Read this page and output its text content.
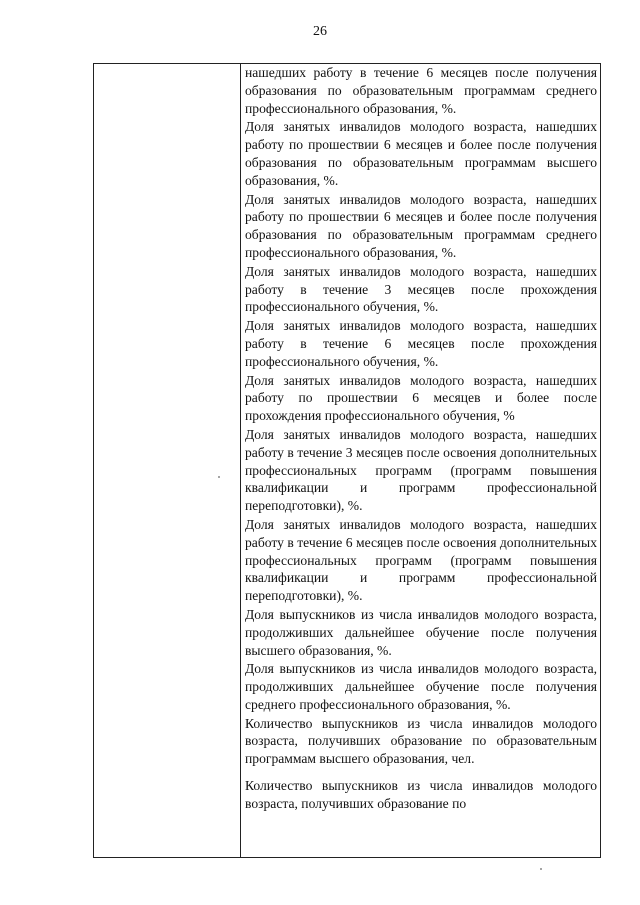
26

нашедших работу в течение 6 месяцев после получения образования по образовательным программам среднего профессионального образования, %.

Доля занятых инвалидов молодого возраста, нашедших работу по прошествии 6 месяцев и более после получения образования по образовательным программам высшего образования, %.

Доля занятых инвалидов молодого возраста, нашедших работу по прошествии 6 месяцев и более после получения образования по образовательным программам среднего профессионального образования, %.

Доля занятых инвалидов молодого возраста, нашедших работу в течение 3 месяцев после прохождения профессионального обучения, %.

Доля занятых инвалидов молодого возраста, нашедших работу в течение 6 месяцев после прохождения профессионального обучения, %.

Доля занятых инвалидов молодого возраста, нашедших работу по прошествии 6 месяцев и более после прохождения профессионального обучения, %

Доля занятых инвалидов молодого возраста, нашедших работу в течение 3 месяцев после освоения дополнительных профессиональных программ (программ повышения квалификации и программ профессиональной переподготовки), %.

Доля занятых инвалидов молодого возраста, нашедших работу в течение 6 месяцев после освоения дополнительных профессиональных программ (программ повышения квалификации и программ профессиональной переподготовки), %.

Доля выпускников из числа инвалидов молодого возраста, продолживших дальнейшее обучение после получения высшего образования, %.

Доля выпускников из числа инвалидов молодого возраста, продолживших дальнейшее обучение после получения среднего профессионального образования, %.

Количество выпускников из числа инвалидов молодого возраста, получивших образование по образовательным программам высшего образования, чел.

Количество выпускников из числа инвалидов молодого возраста, получивших образование по
